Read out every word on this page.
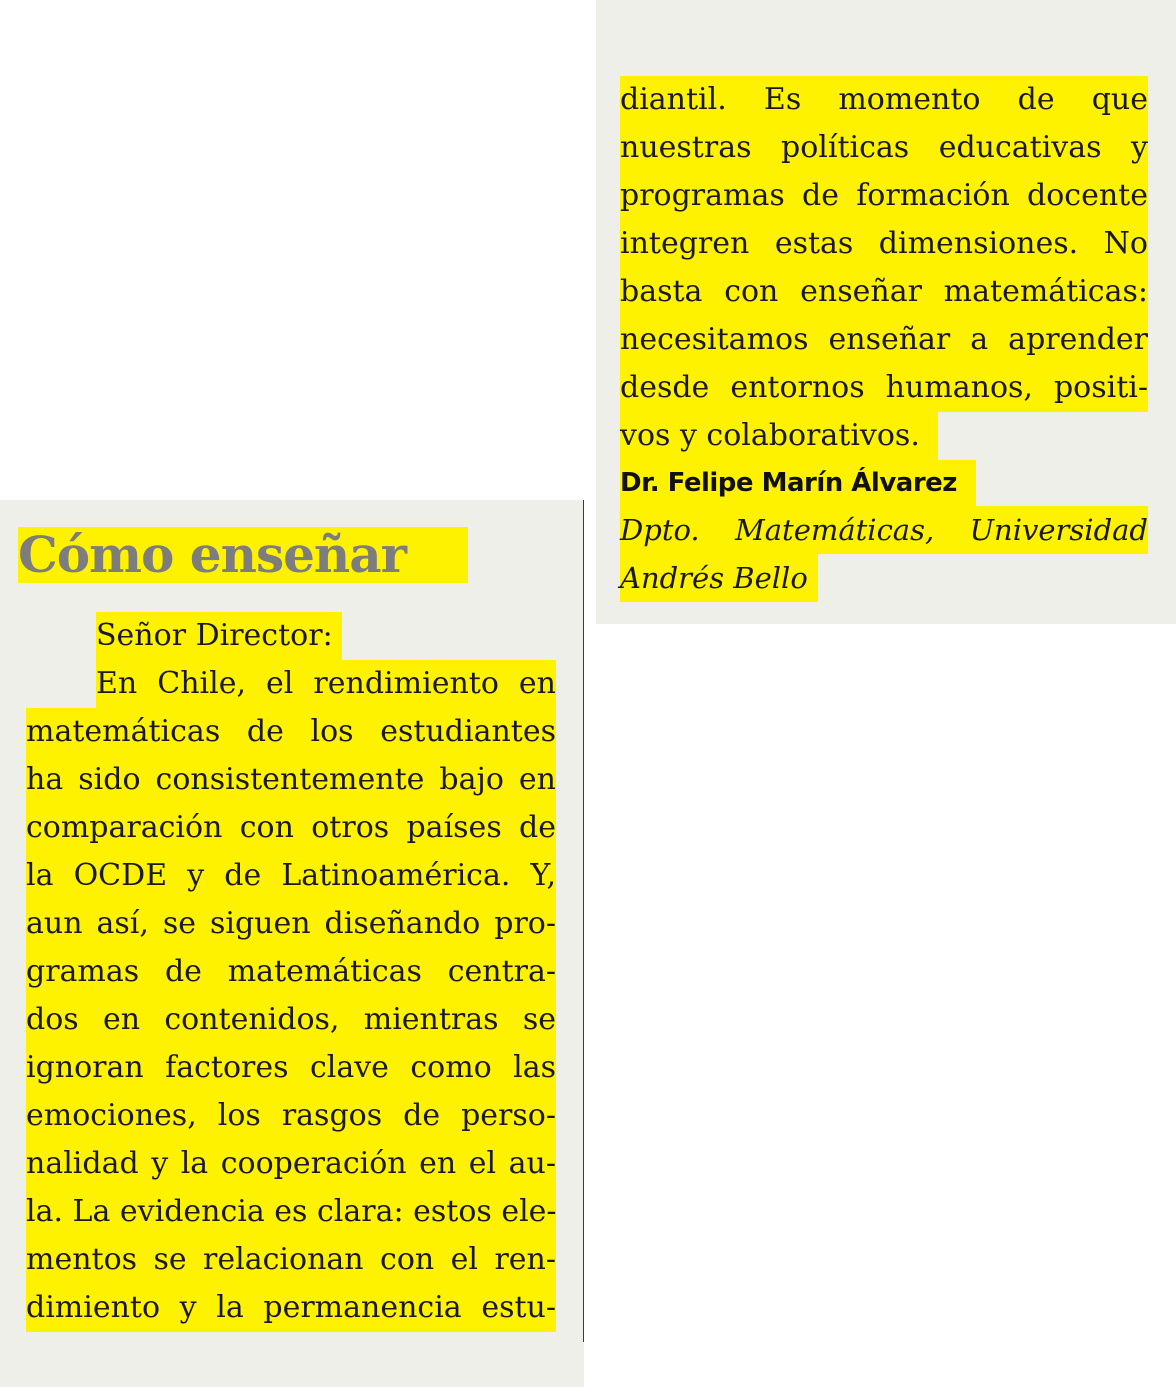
diantil. Es momento de que
nuestras políticas educativas y
programas de formación docente
integren estas dimensiones. No
basta con enseñar matemáticas:
necesitamos enseñar a aprender
desde entornos humanos, positi-
vos y colaborativos.
Dr. Felipe Marín Álvarez
Dpto. Matemáticas, Universidad
Andrés Bello
Cómo enseñar
Señor Director:
En Chile, el rendimiento en
matemáticas de los estudiantes
ha sido consistentemente bajo en
comparación con otros países de
la OCDE y de Latinoamérica. Y,
aun así, se siguen diseñando pro-
gramas de matemáticas centra-
dos en contenidos, mientras se
ignoran factores clave como las
emociones, los rasgos de perso-
nalidad y la cooperación en el au-
la. La evidencia es clara: estos ele-
mentos se relacionan con el ren-
dimiento y la permanencia estu-
